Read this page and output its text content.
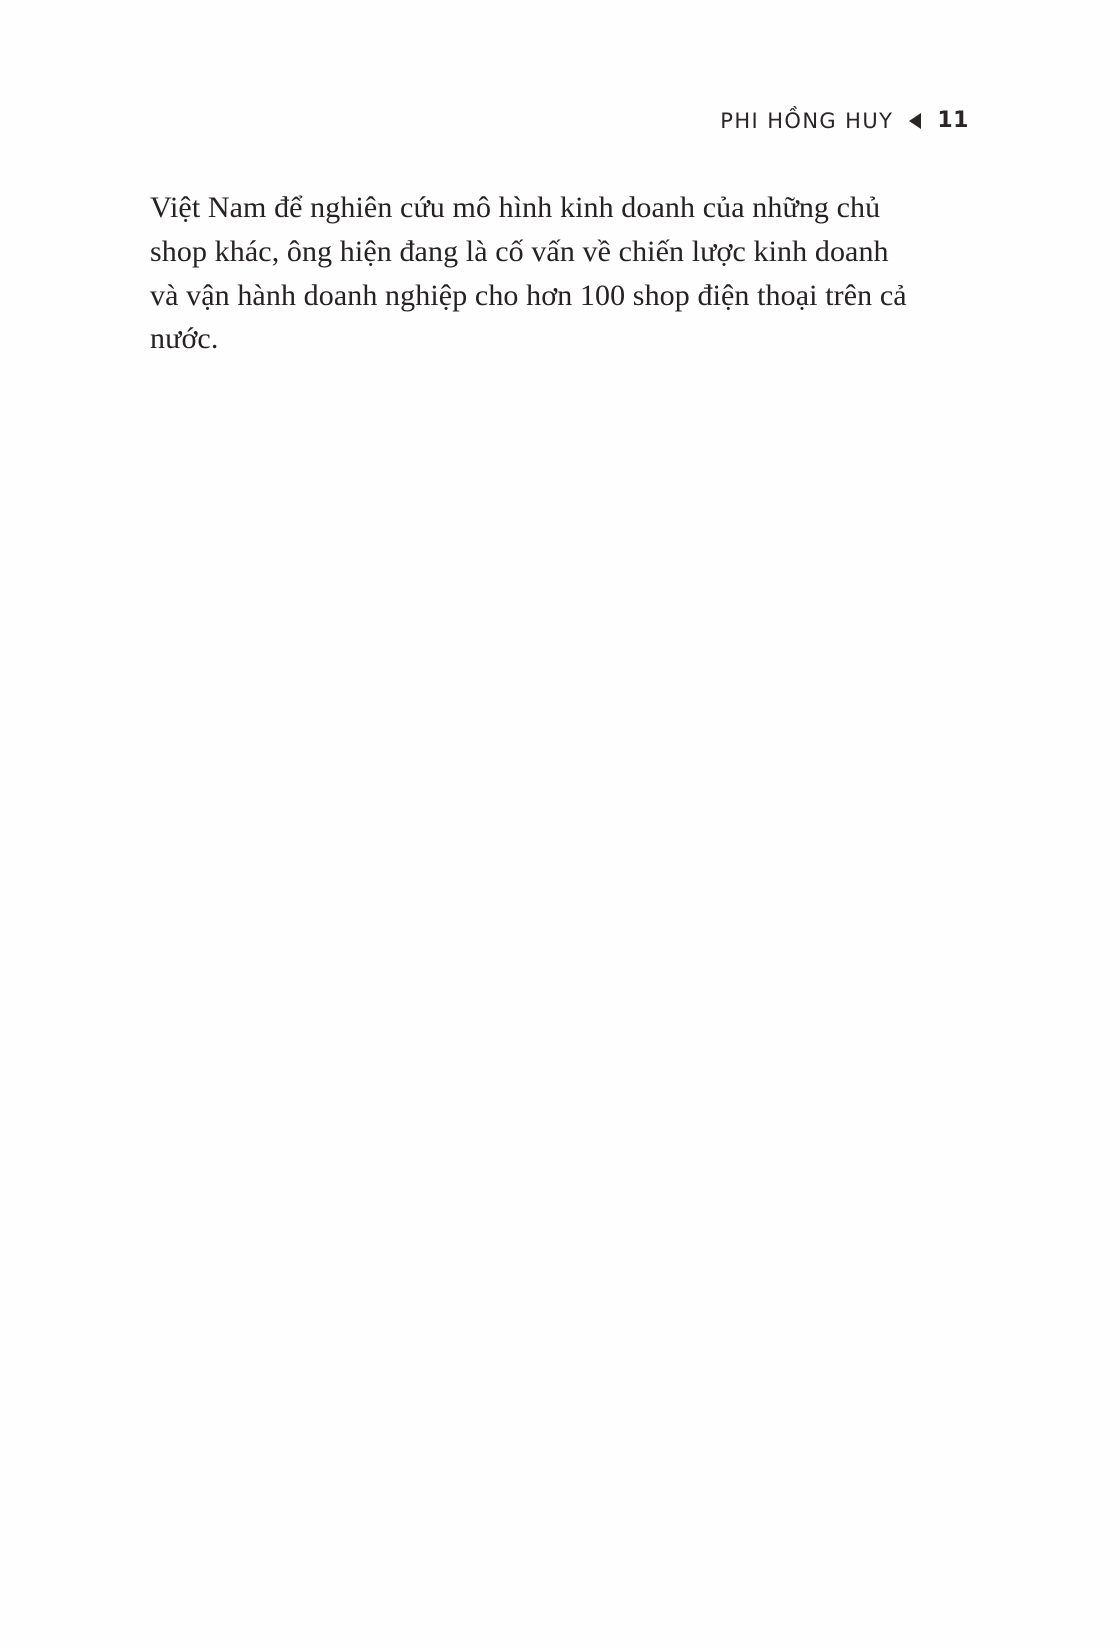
PHI HỒNG HUY 11

Việt Nam để nghiên cứu mô hình kinh doanh của những chủ shop khác, ông hiện đang là cố vấn về chiến lược kinh doanh và vận hành doanh nghiệp cho hơn 100 shop điện thoại trên cả nước.
